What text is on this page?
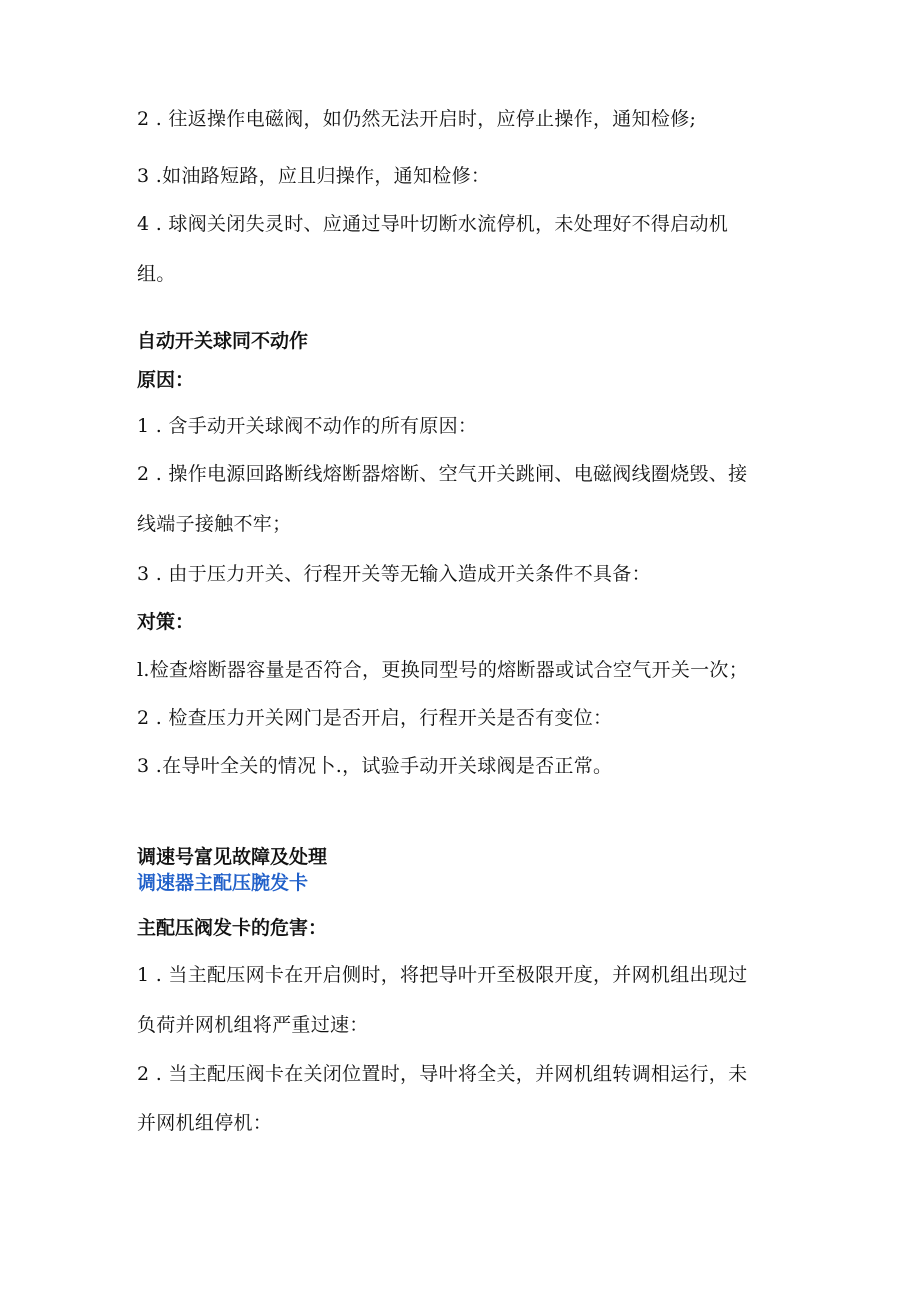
2 . 往返操作电磁阀，如仍然无法开启时，应停止操作，通知检修;
3 .如油路短路，应且归操作，通知检修：
4 . 球阀关闭失灵时、应通过导叶切断水流停机，未处理好不得启动机
组。
自动开关球同不动作
原因：
1 . 含手动开关球阀不动作的所有原因：
2 . 操作电源回路断线熔断器熔断、空气开关跳闸、电磁阀线圈烧毁、接
线端子接触不牢；
3 . 由于压力开关、行程开关等无输入造成开关条件不具备：
对策：
l.检查熔断器容量是否符合，更换同型号的熔断器或试合空气开关一次；
2 . 检查压力开关网门是否开启，行程开关是否有变位：
3 .在导叶全关的情况卜.，试验手动开关球阀是否正常。
调速号富见故障及处理
调速器主配压腕发卡
主配压阀发卡的危害：
1 . 当主配压网卡在开启侧时，将把导叶开至极限开度，并网机组出现过
负荷并网机组将严重过速：
2 . 当主配压阀卡在关闭位置时，导叶将全关，并网机组转调相运行，未
并网机组停机：
